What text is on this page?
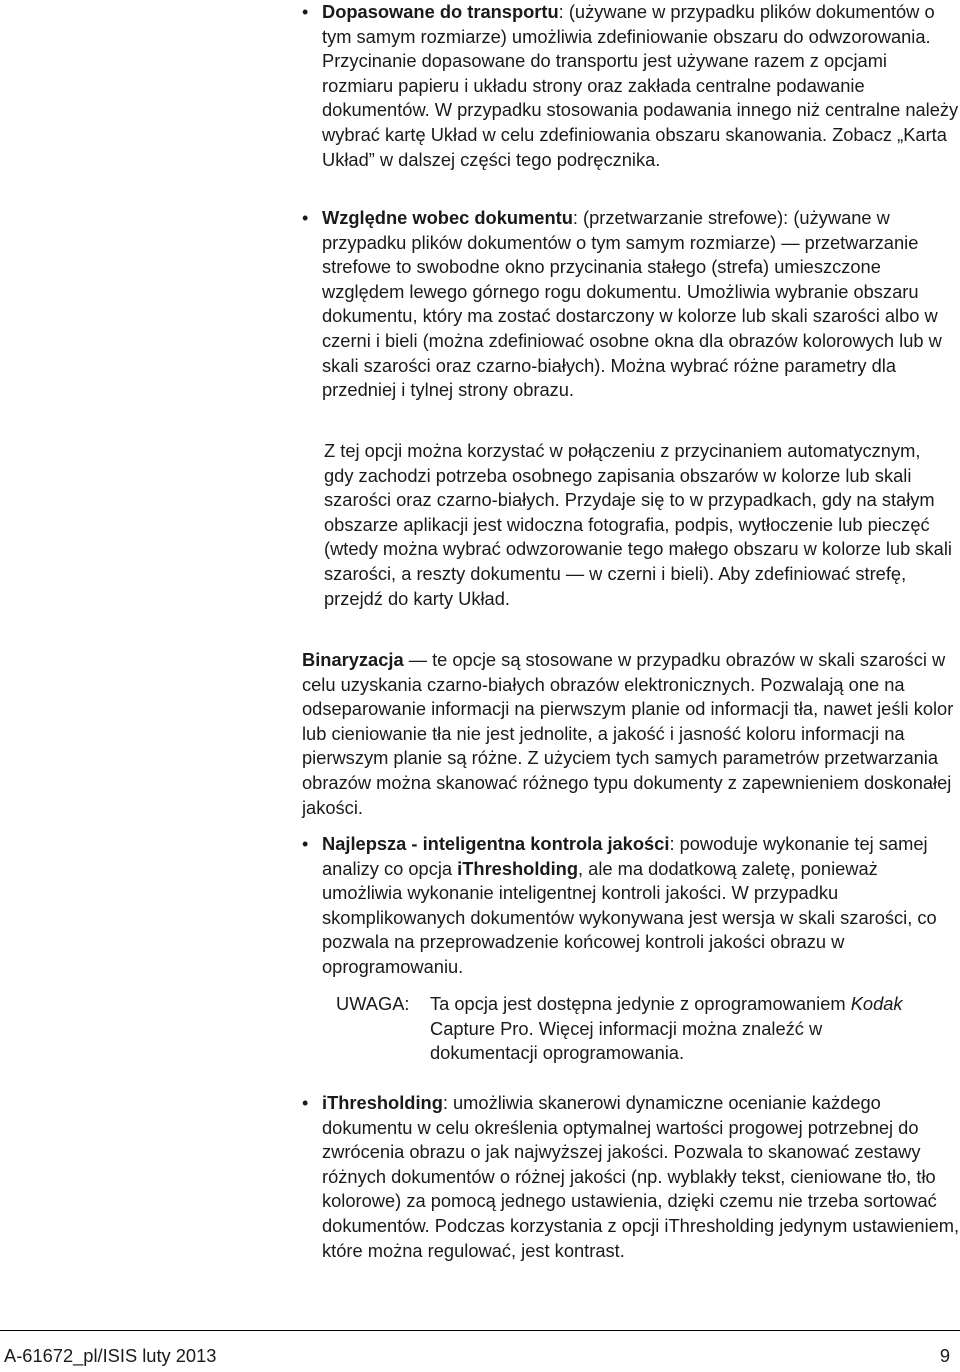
• Dopasowane do transportu: (używane w przypadku plików dokumentów o tym samym rozmiarze) umożliwia zdefiniowanie obszaru do odwzorowania. Przycinanie dopasowane do transportu jest używane razem z opcjami rozmiaru papieru i układu strony oraz zakłada centralne podawanie dokumentów. W przypadku stosowania podawania innego niż centralne należy wybrać kartę Układ w celu zdefiniowania obszaru skanowania. Zobacz „Karta Układ” w dalszej części tego podręcznika.

• Względne wobec dokumentu: (przetwarzanie strefowe): (używane w przypadku plików dokumentów o tym samym rozmiarze) — przetwarzanie strefowe to swobodne okno przycinania stałego (strefa) umieszczone względem lewego górnego rogu dokumentu. Umożliwia wybranie obszaru dokumentu, który ma zostać dostarczony w kolorze lub skali szarości albo w czerni i bieli (można zdefiniować osobne okna dla obrazów kolorowych lub w skali szarości oraz czarno-białych). Można wybrać różne parametry dla przedniej i tylnej strony obrazu.

Z tej opcji można korzystać w połączeniu z przycinaniem automatycznym, gdy zachodzi potrzeba osobnego zapisania obszarów w kolorze lub skali szarości oraz czarno-białych. Przydaje się to w przypadkach, gdy na stałym obszarze aplikacji jest widoczna fotografia, podpis, wytłoczenie lub pieczęć (wtedy można wybrać odwzorowanie tego małego obszaru w kolorze lub skali szarości, a reszty dokumentu — w czerni i bieli). Aby zdefiniować strefę, przejdź do karty Układ.

Binaryzacja — te opcje są stosowane w przypadku obrazów w skali szarości w celu uzyskania czarno-białych obrazów elektronicznych. Pozwalają one na odseparowanie informacji na pierwszym planie od informacji tła, nawet jeśli kolor lub cieniowanie tła nie jest jednolite, a jakość i jasność koloru informacji na pierwszym planie są różne. Z użyciem tych samych parametrów przetwarzania obrazów można skanować różnego typu dokumenty z zapewnieniem doskonałej jakości.

• Najlepsza - inteligentna kontrola jakości: powoduje wykonanie tej samej analizy co opcja iThresholding, ale ma dodatkową zaletę, ponieważ umożliwia wykonanie inteligentnej kontroli jakości. W przypadku skomplikowanych dokumentów wykonywana jest wersja w skali szarości, co pozwala na przeprowadzenie końcowej kontroli jakości obrazu w oprogramowaniu.

UWAGA: Ta opcja jest dostępna jedynie z oprogramowaniem Kodak Capture Pro. Więcej informacji można znaleźć w dokumentacji oprogramowania.

• iThresholding: umożliwia skanerowi dynamiczne ocenianie każdego dokumentu w celu określenia optymalnej wartości progowej potrzebnej do zwrócenia obrazu o jak najwyższej jakości. Pozwala to skanować zestawy różnych dokumentów o różnej jakości (np. wyblakły tekst, cieniowane tło, tło kolorowe) za pomocą jednego ustawienia, dzięki czemu nie trzeba sortować dokumentów. Podczas korzystania z opcji iThresholding jedynym ustawieniem, które można regulować, jest kontrast.

A-61672_pl/ISIS luty 2013	9
